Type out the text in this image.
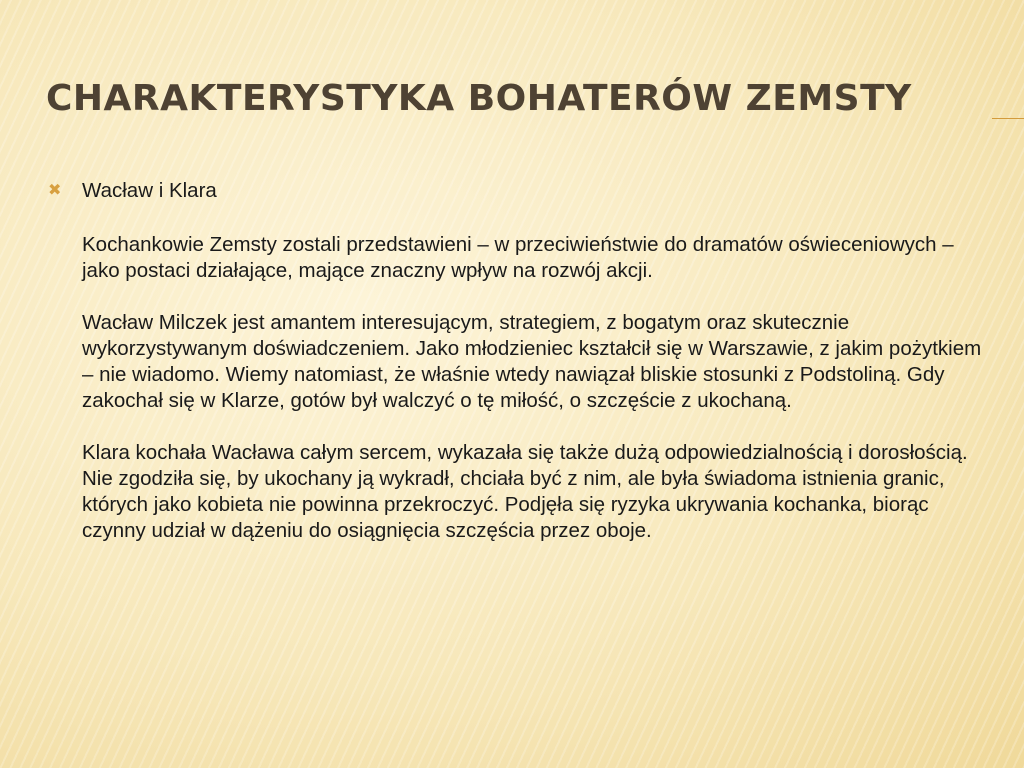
CHARAKTERYSTYKA BOHATERÓW ZEMSTY
✖	Wacław i Klara

Kochankowie Zemsty zostali przedstawieni – w przeciwieństwie do dramatów oświeceniowych – jako postaci działające, mające znaczny wpływ na rozwój akcji.

Wacław Milczek jest amantem interesującym, strategiem, z bogatym oraz skutecznie wykorzystywanym doświadczeniem. Jako młodzieniec kształcił się w Warszawie, z jakim pożytkiem – nie wiadomo. Wiemy natomiast, że właśnie wtedy nawiązał bliskie stosunki z Podstoliną. Gdy zakochał się w Klarze, gotów był walczyć o tę miłość, o szczęście z ukochaną.

Klara kochała Wacława całym sercem, wykazała się także dużą odpowiedzialnością i dorosłością. Nie zgodziła się, by ukochany ją wykradł, chciała być z nim, ale była świadoma istnienia granic, których jako kobieta nie powinna przekroczyć. Podjęła się ryzyka ukrywania kochanka, biorąc czynny udział w dążeniu do osiągnięcia szczęścia przez oboje.
